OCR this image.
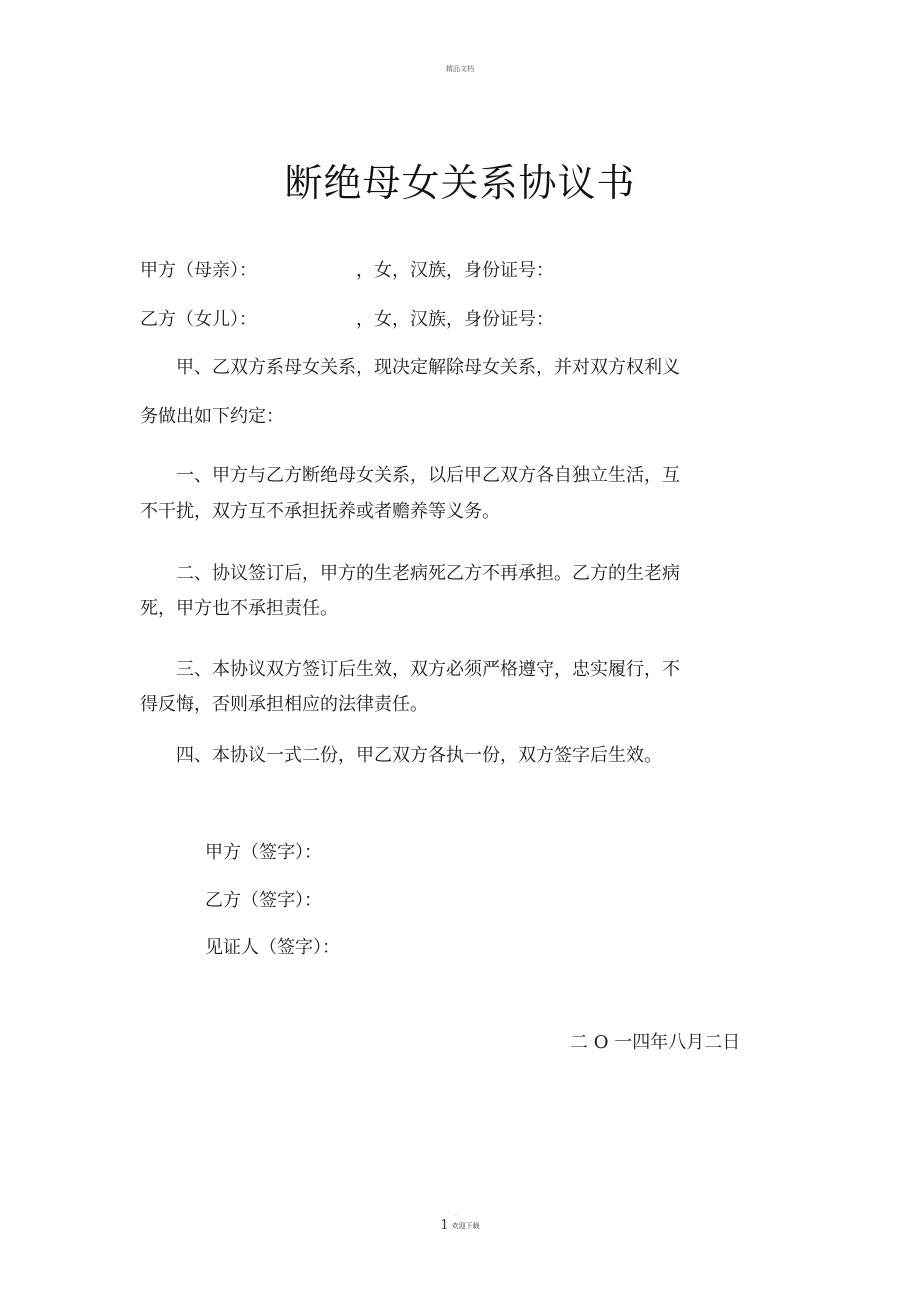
精品文档
断绝母女关系协议书
甲方（母亲）：	，女，汉族，身份证号：
乙方（女儿）：	，女，汉族，身份证号：
甲、乙双方系母女关系，现决定解除母女关系，并对双方权利义
务做出如下约定：
一、甲方与乙方断绝母女关系，以后甲乙双方各自独立生活，互
不干扰，双方互不承担抚养或者赡养等义务。
二、协议签订后，甲方的生老病死乙方不再承担。乙方的生老病
死，甲方也不承担责任。
三、本协议双方签订后生效，双方必须严格遵守，忠实履行，不
得反悔，否则承担相应的法律责任。
四、本协议一式二份，甲乙双方各执一份，双方签字后生效。
甲方（签字）：
乙方（签字）：
见证人（签字）：
二 O 一四年八月二日
.
1 欢迎下载
